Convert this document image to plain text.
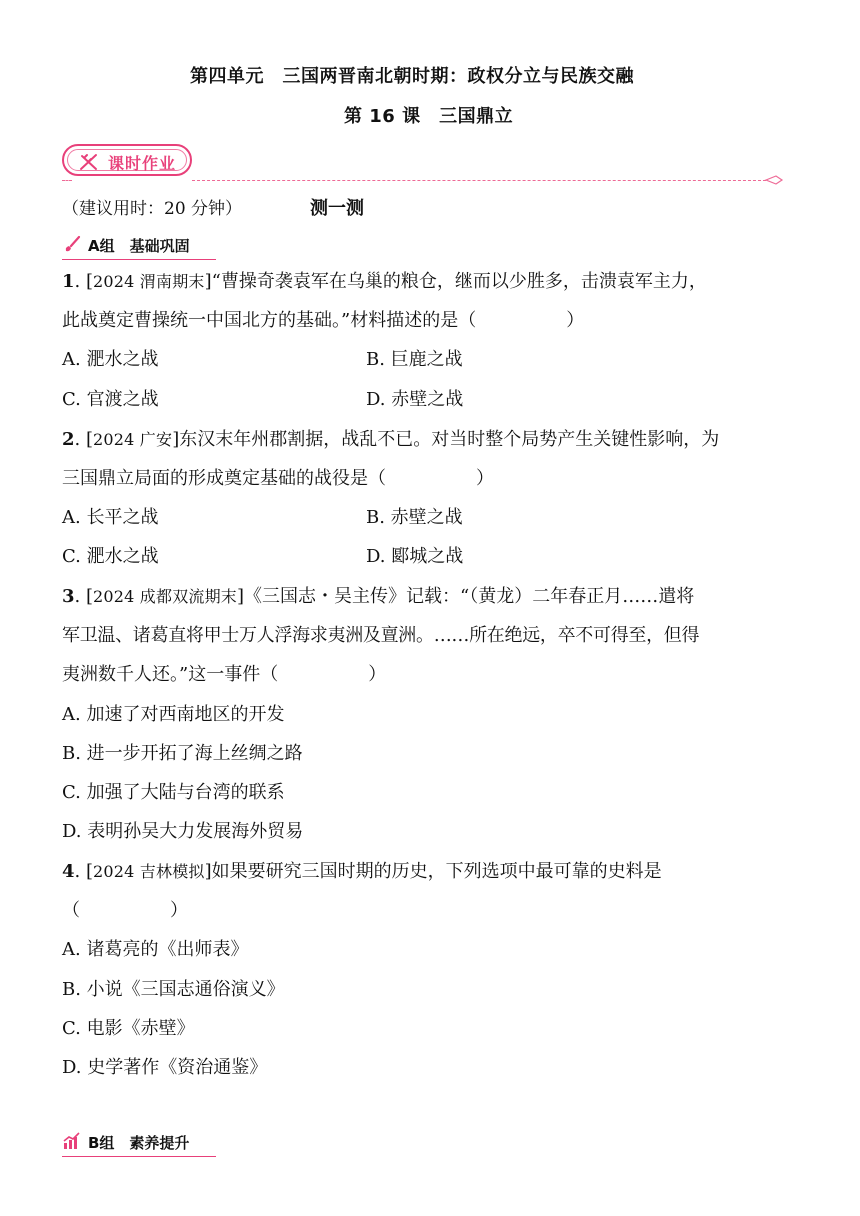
第四单元　三国两晋南北朝时期：政权分立与民族交融
第 16 课　三国鼎立
课时作业
（建议用时：20 分钟）	测一测
A组　基础巩固
1. [2024 渭南期末]“曹操奇袭袁军在乌巢的粮仓，继而以少胜多，击溃袁军主力，
此战奠定曹操统一中国北方的基础。”材料描述的是（　　　　　）
A. 淝水之战	B. 巨鹿之战
C. 官渡之战	D. 赤壁之战
2. [2024 广安]东汉末年州郡割据，战乱不已。对当时整个局势产生关键性影响，为
三国鼎立局面的形成奠定基础的战役是（　　　　　）
A. 长平之战	B. 赤壁之战
C. 淝水之战	D. 郾城之战
3. [2024 成都双流期末]《三国志・吴主传》记载：“（黄龙）二年春正月……遣将
军卫温、诸葛直将甲士万人浮海求夷洲及亶洲。……所在绝远，卒不可得至，但得
夷洲数千人还。”这一事件（　　　　　）
A. 加速了对西南地区的开发
B. 进一步开拓了海上丝绸之路
C. 加强了大陆与台湾的联系
D. 表明孙吴大力发展海外贸易
4. [2024 吉林模拟]如果要研究三国时期的历史，下列选项中最可靠的史料是
（　　　　　）
A. 诸葛亮的《出师表》
B. 小说《三国志通俗演义》
C. 电影《赤壁》
D. 史学著作《资治通鉴》
B组　素养提升
